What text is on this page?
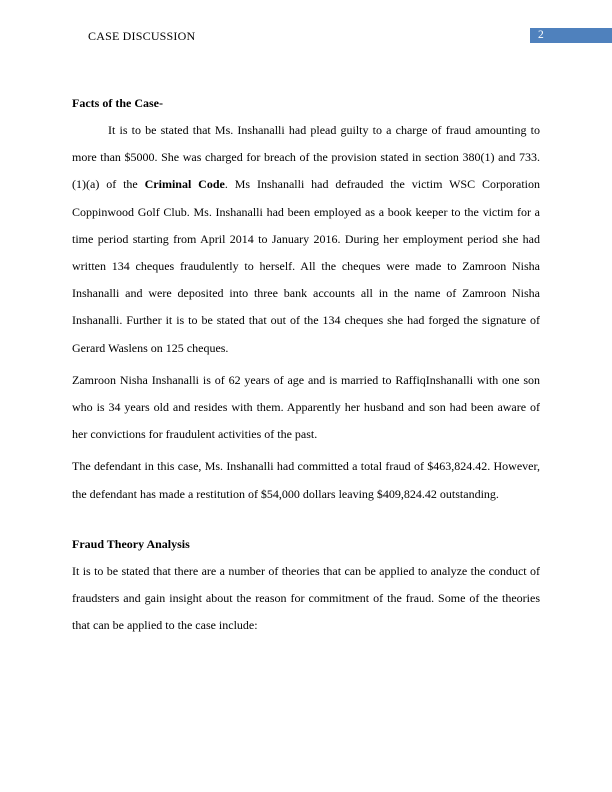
CASE DISCUSSION	2
Facts of the Case-

It is to be stated that Ms. Inshanalli had plead guilty to a charge of fraud amounting to more than $5000. She was charged for breach of the provision stated in section 380(1) and 733.(1)(a) of the Criminal Code. Ms Inshanalli had defrauded the victim WSC Corporation Coppinwood Golf Club. Ms. Inshanalli had been employed as a book keeper to the victim for a time period starting from April 2014 to January 2016. During her employment period she had written 134 cheques fraudulently to herself. All the cheques were made to Zamroon Nisha Inshanalli and were deposited into three bank accounts all in the name of Zamroon Nisha Inshanalli. Further it is to be stated that out of the 134 cheques she had forged the signature of Gerard Waslens on 125 cheques.

Zamroon Nisha Inshanalli is of 62 years of age and is married to RaffiqInshanalli with one son who is 34 years old and resides with them. Apparently her husband and son had been aware of her convictions for fraudulent activities of the past.

The defendant in this case, Ms. Inshanalli had committed a total fraud of $463,824.42. However, the defendant has made a restitution of $54,000 dollars leaving $409,824.42 outstanding.

Fraud Theory Analysis

It is to be stated that there are a number of theories that can be applied to analyze the conduct of fraudsters and gain insight about the reason for commitment of the fraud. Some of the theories that can be applied to the case include:
